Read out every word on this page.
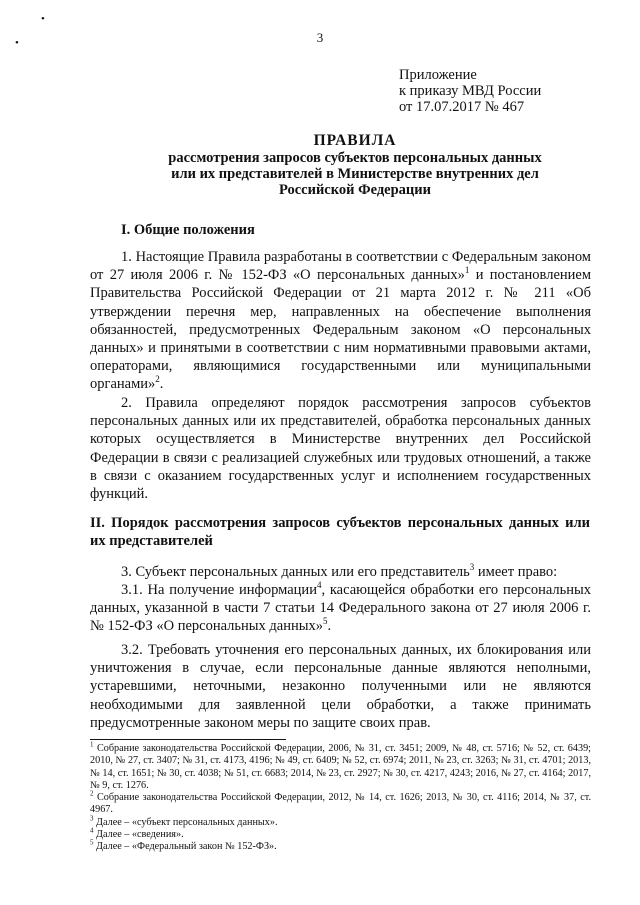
•
•	3
Приложение
к приказу МВД России
от 17.07.2017 № 467
ПРАВИЛА
рассмотрения запросов субъектов персональных данных
или их представителей в Министерстве внутренних дел
Российской Федерации
I. Общие положения
1. Настоящие Правила разработаны в соответствии с Федеральным законом от 27 июля 2006 г. № 152-ФЗ «О персональных данных»$^1$ и постановлением Правительства Российской Федерации от 21 марта 2012 г. № 211 «Об утверждении перечня мер, направленных на обеспечение выполнения обязанностей, предусмотренных Федеральным законом «О персональных данных» и принятыми в соответствии с ним нормативными правовыми актами, операторами, являющимися государственными или муниципальными органами»$^2$.
2. Правила определяют порядок рассмотрения запросов субъектов персональных данных или их представителей, обработка персональных данных которых осуществляется в Министерстве внутренних дел Российской Федерации в связи с реализацией служебных или трудовых отношений, а также в связи с оказанием государственных услуг и исполнением государственных функций.
II. Порядок рассмотрения запросов субъектов персональных данных или их представителей
3. Субъект персональных данных или его представитель$^3$ имеет право:
3.1. На получение информации$^4$, касающейся обработки его персональных данных, указанной в части 7 статьи 14 Федерального закона от 27 июля 2006 г. № 152-ФЗ «О персональных данных»$^5$.
3.2. Требовать уточнения его персональных данных, их блокирования или уничтожения в случае, если персональные данные являются неполными, устаревшими, неточными, незаконно полученными или не являются необходимыми для заявленной цели обработки, а также принимать предусмотренные законом меры по защите своих прав.
$^1$ Собрание законодательства Российской Федерации, 2006, № 31, ст. 3451; 2009, № 48, ст. 5716; № 52, ст. 6439; 2010, № 27, ст. 3407; № 31, ст. 4173, 4196; № 49, ст. 6409; № 52, ст. 6974; 2011, № 23, ст. 3263; № 31, ст. 4701; 2013, № 14, ст. 1651; № 30, ст. 4038; № 51, ст. 6683; 2014, № 23, ст. 2927; № 30, ст. 4217, 4243; 2016, № 27, ст. 4164; 2017, № 9, ст. 1276.
$^2$ Собрание законодательства Российской Федерации, 2012, № 14, ст. 1626; 2013, № 30, ст. 4116; 2014, № 37, ст. 4967.
$^3$ Далее – «субъект персональных данных».
$^4$ Далее – «сведения».
$^5$ Далее – «Федеральный закон № 152-ФЗ».
